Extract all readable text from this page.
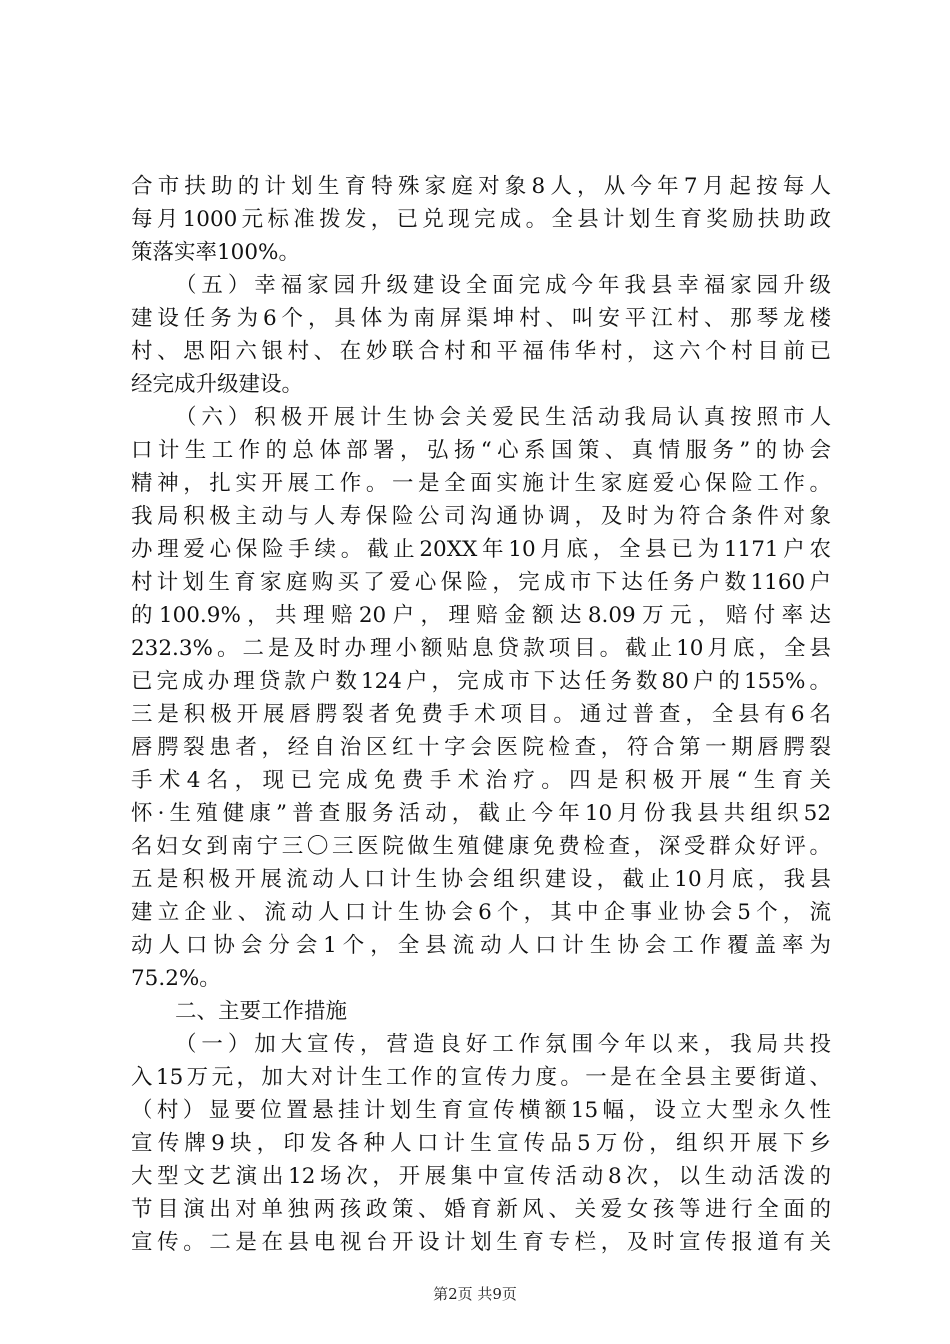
合市扶助的计划生育特殊家庭对象8人，从今年7月起按每人
每月1000元标准拨发，已兑现完成。全县计划生育奖励扶助政
策落实率100%。
（五）幸福家园升级建设全面完成今年我县幸福家园升级
建设任务为6个，具体为南屏渠坤村、叫安平江村、那琴龙楼
村、思阳六银村、在妙联合村和平福伟华村，这六个村目前已
经完成升级建设。
（六）积极开展计生协会关爱民生活动我局认真按照市人
口计生工作的总体部署，弘扬“心系国策、真情服务”的协会
精神，扎实开展工作。一是全面实施计生家庭爱心保险工作。
我局积极主动与人寿保险公司沟通协调，及时为符合条件对象
办理爱心保险手续。截止20XX年10月底，全县已为1171户农
村计划生育家庭购买了爱心保险，完成市下达任务户数1160户
的100.9%，共理赔20户，理赔金额达8.09万元，赔付率达
232.3%。二是及时办理小额贴息贷款项目。截止10月底，全县
已完成办理贷款户数124户，完成市下达任务数80户的155%。
三是积极开展唇腭裂者免费手术项目。通过普查，全县有6名
唇腭裂患者，经自治区红十字会医院检查，符合第一期唇腭裂
手术4名，现已完成免费手术治疗。四是积极开展“生育关
怀·生殖健康”普查服务活动，截止今年10月份我县共组织52
名妇女到南宁三〇三医院做生殖健康免费检查，深受群众好评。
五是积极开展流动人口计生协会组织建设，截止10月底，我县
建立企业、流动人口计生协会6个，其中企事业协会5个，流
动人口协会分会1个，全县流动人口计生协会工作覆盖率为
75.2%。
二、主要工作措施
（一）加大宣传，营造良好工作氛围今年以来，我局共投
入15万元，加大对计生工作的宣传力度。一是在全县主要街道、
（村）显要位置悬挂计划生育宣传横额15幅，设立大型永久性
宣传牌9块，印发各种人口计生宣传品5万份，组织开展下乡
大型文艺演出12场次，开展集中宣传活动8次，以生动活泼的
节目演出对单独两孩政策、婚育新风、关爱女孩等进行全面的
宣传。二是在县电视台开设计划生育专栏，及时宣传报道有关
第2页 共9页
